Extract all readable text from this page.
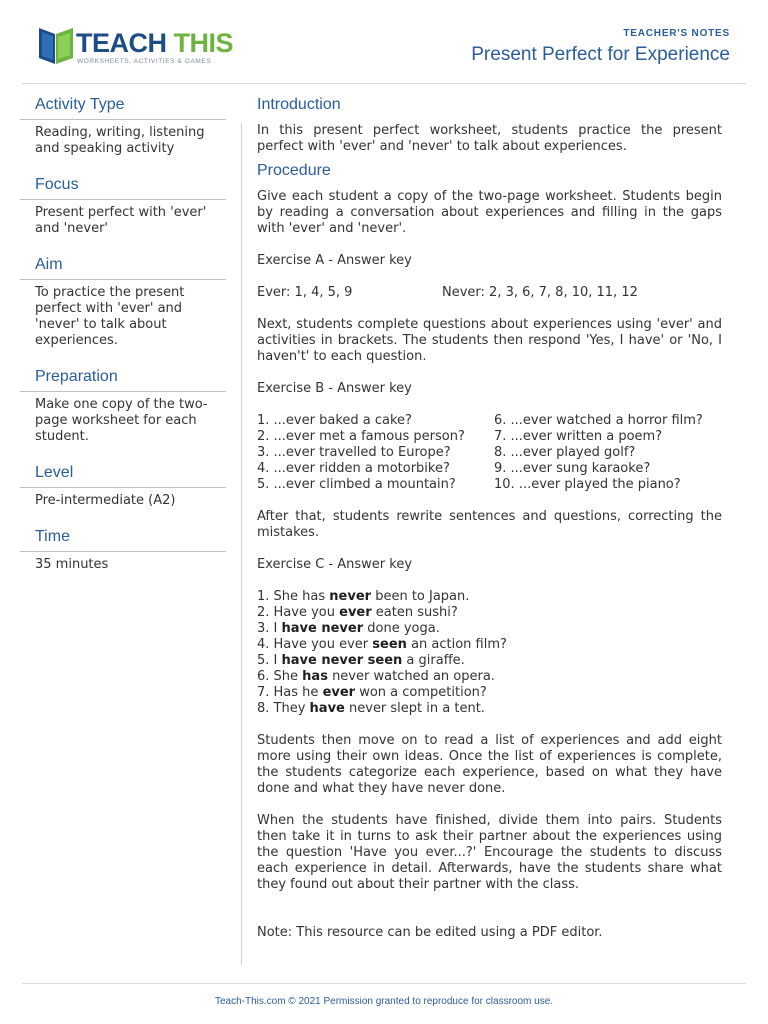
TEACH THIS
WORKSHEETS, ACTIVITIES & GAMES
TEACHER'S NOTES
Present Perfect for Experience
Activity Type
Reading, writing, listening and speaking activity
Focus
Present perfect with 'ever' and 'never'
Aim
To practice the present perfect with 'ever' and 'never' to talk about experiences.
Preparation
Make one copy of the two-page worksheet for each student.
Level
Pre-intermediate (A2)
Time
35 minutes
Introduction

In this present perfect worksheet, students practice the present perfect with 'ever' and 'never' to talk about experiences.

Procedure

Give each student a copy of the two-page worksheet. Students begin by reading a conversation about experiences and filling in the gaps with 'ever' and 'never'.

Exercise A - Answer key

Ever: 1, 4, 5, 9	Never: 2, 3, 6, 7, 8, 10, 11, 12

Next, students complete questions about experiences using 'ever' and activities in brackets. The students then respond 'Yes, I have' or 'No, I haven't' to each question.

Exercise B - Answer key

1. ...ever baked a cake?
2. ...ever met a famous person?
3. ...ever travelled to Europe?
4. ...ever ridden a motorbike?
5. ...ever climbed a mountain?
6. ...ever watched a horror film?
7. ...ever written a poem?
8. ...ever played golf?
9. ...ever sung karaoke?
10. ...ever played the piano?

After that, students rewrite sentences and questions, correcting the mistakes.

Exercise C - Answer key

1. She has never been to Japan.
2. Have you ever eaten sushi?
3. I have never done yoga.
4. Have you ever seen an action film?
5. I have never seen a giraffe.
6. She has never watched an opera.
7. Has he ever won a competition?
8. They have never slept in a tent.

Students then move on to read a list of experiences and add eight more using their own ideas. Once the list of experiences is complete, the students categorize each experience, based on what they have done and what they have never done.

When the students have finished, divide them into pairs. Students then take it in turns to ask their partner about the experiences using the question 'Have you ever...?' Encourage the students to discuss each experience in detail. Afterwards, have the students share what they found out about their partner with the class.

Note: This resource can be edited using a PDF editor.

Teach-This.com © 2021 Permission granted to reproduce for classroom use.
